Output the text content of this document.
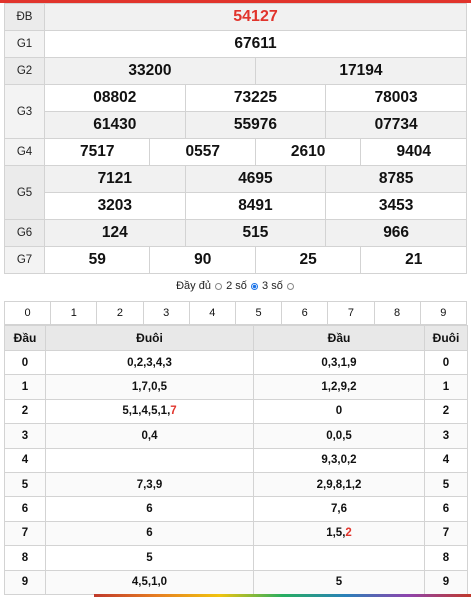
ĐB	54127					
G1	67611					
G2	33200			17194		
G3	08802		73225		78003	
	61430		55976		07734	
G4	7517	0557		2610		9404
G5	7121		4695		8785	
	3203		8491		3453	
G6	124		515		966	
G7	59	90		25		21
Đầy đủ 2 số 3 số
0	1	2	3	4	5	6	7	8	9
Đầu	Đuôi	Đầu	Đuôi
0	0,2,3,4,3	0,3,1,9	0
1	1,7,0,5	1,2,9,2	1
2	5,1,4,5,1,7	0	2
3	0,4	0,0,5	3
4		9,3,0,2	4
5	7,3,9	2,9,8,1,2	5
6	6	7,6	6
7	6	1,5,2	7
8	5		8
9	4,5,1,0	5	9
